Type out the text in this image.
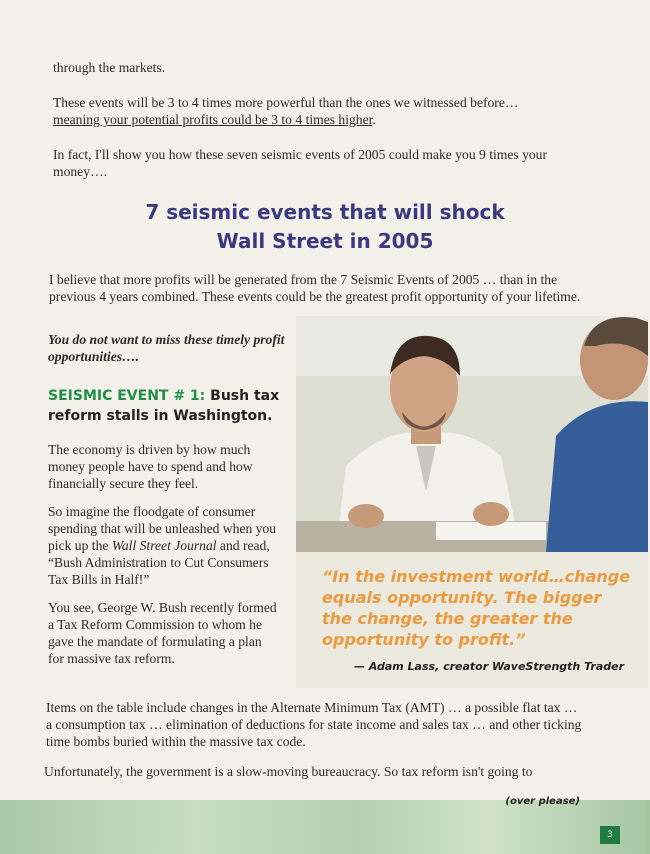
through the markets.

These events will be 3 to 4 times more powerful than the ones we witnessed before…
meaning your potential profits could be 3 to 4 times higher.

In fact, I'll show you how these seven seismic events of 2005 could make you 9 times your money….

7 seismic events that will shock
Wall Street in 2005

I believe that more profits will be generated from the 7 Seismic Events of 2005 … than in the previous 4 years combined. These events could be the greatest profit opportunity of your lifetime.

You do not want to miss these timely profit opportunities….

SEISMIC EVENT # 1: Bush tax reform stalls in Washington.

The economy is driven by how much money people have to spend and how financially secure they feel.

So imagine the floodgate of consumer spending that will be unleashed when you pick up the Wall Street Journal and read, “Bush Administration to Cut Consumers Tax Bills in Half!”

You see, George W. Bush recently formed a Tax Reform Commission to whom he gave the mandate of formulating a plan for massive tax reform.

“In the investment world…change equals opportunity. The bigger the change, the greater the opportunity to profit.”

— Adam Lass, creator WaveStrength Trader

Items on the table include changes in the Alternate Minimum Tax (AMT) … a possible flat tax … a consumption tax … elimination of deductions for state income and sales tax … and other ticking time bombs buried within the massive tax code.

Unfortunately, the government is a slow-moving bureaucracy. So tax reform isn't going to

(over please)

3
